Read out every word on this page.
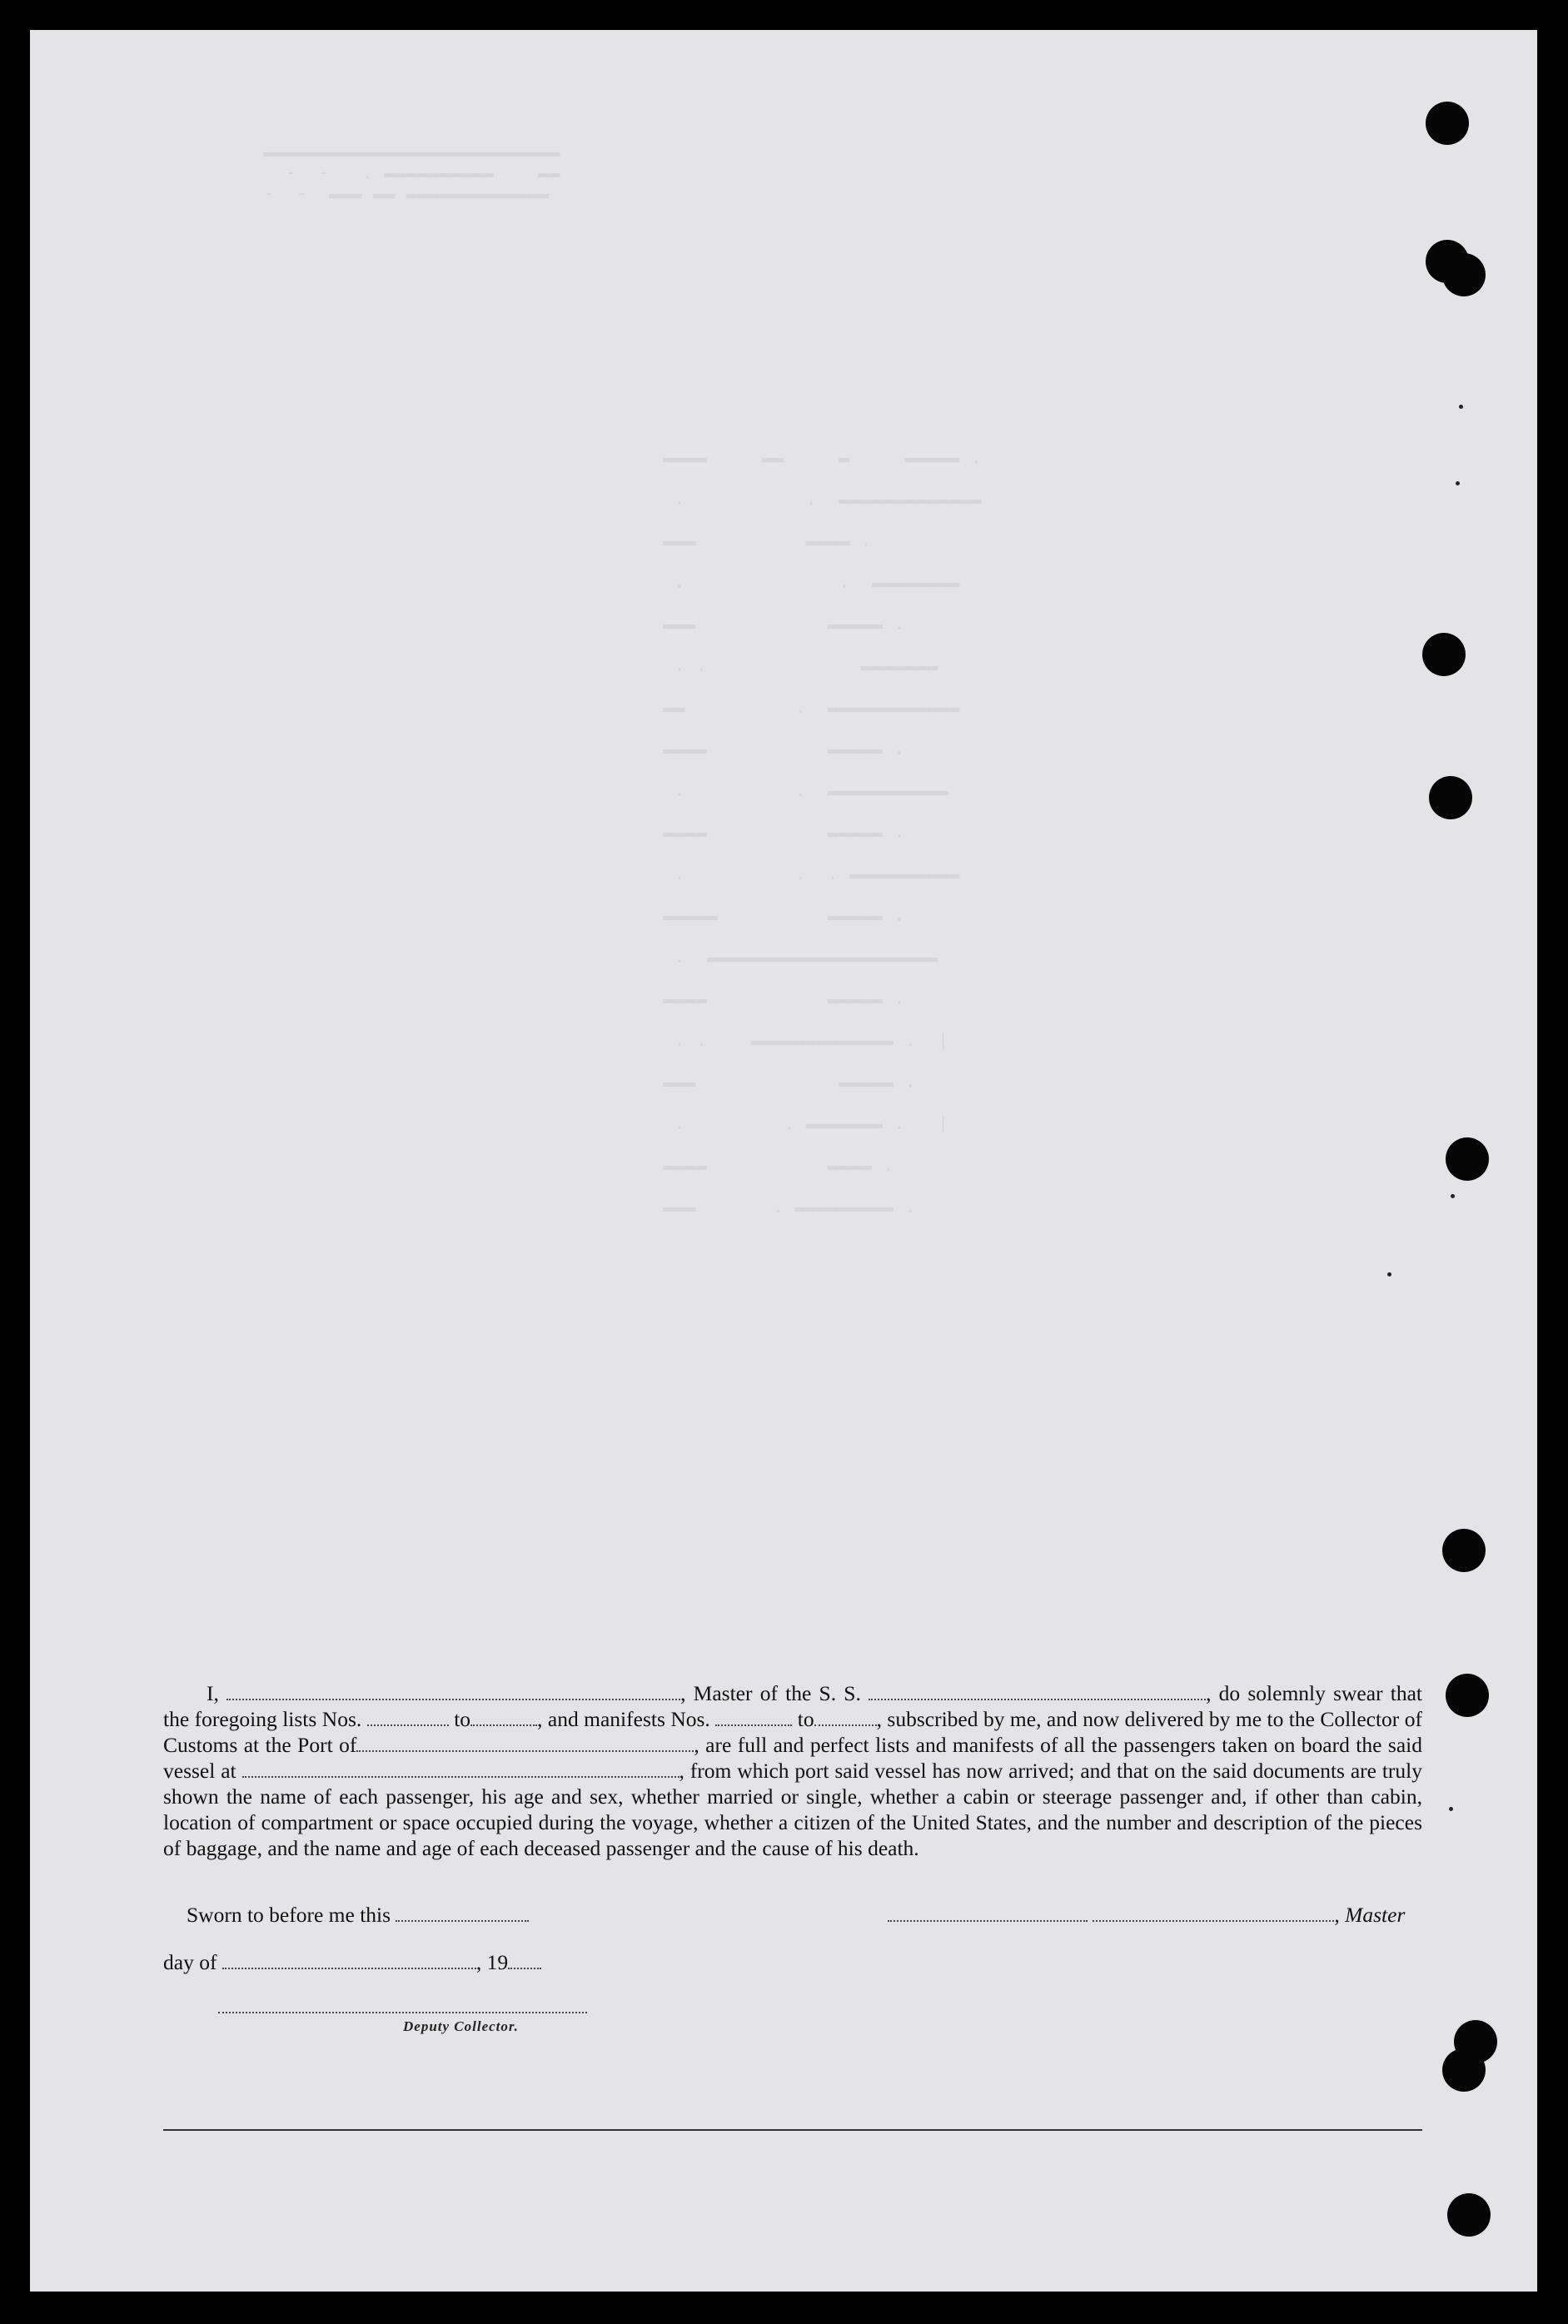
▬▬▬▬▬▬▬▬▬▬▬▬▬▬▬▬▬▬▬▬▬▬▬▬▬▬▬
-  -   . ▬▬▬▬▬▬▬▬▬▬    ▬▬
-  -  ▬▬▬ ▬▬ ▬▬▬▬▬▬▬▬▬▬▬▬▬

▬▬▬▬     ▬▬     ▬     ▬▬▬▬▬ .
.           .  ▬▬▬▬▬▬▬▬▬▬▬▬▬
▬▬▬          ▬▬▬▬ .
.              .  ▬▬▬▬▬▬▬▬
▬▬▬            ▬▬▬▬▬ .
. .              ▬▬▬▬▬▬▬
▬▬          .  ▬▬▬▬▬▬▬▬▬▬▬▬
▬▬▬▬           ▬▬▬▬▬ .
.          .  ▬▬▬▬▬▬▬▬▬▬▬
▬▬▬▬           ▬▬▬▬▬ .
.          .  . ▬▬▬▬▬▬▬▬▬▬
▬▬▬▬▬          ▬▬▬▬▬ .
.  ▬▬▬▬▬▬▬▬▬▬▬▬▬▬▬▬▬▬▬▬▬
▬▬▬▬           ▬▬▬▬▬ .
. .    ▬▬▬▬▬▬▬▬▬▬▬▬▬ .  |
▬▬▬             ▬▬▬▬▬ .
.         . ▬▬▬▬▬▬▬ .   |
▬▬▬▬           ▬▬▬▬ .
▬▬▬       . ▬▬▬▬▬▬▬▬▬ .

I,	, Master of the S. S.	, do solemnly swear that the foregoing lists Nos.	to	, and manifests Nos.	to	, subscribed by me, and now delivered by me to the Collector of Customs at the Port of	, are full and perfect lists and manifests of all the passengers taken on board the said vessel at	, from which port said vessel has now arrived; and that on the said documents are truly shown the name of each passenger, his age and sex, whether married or single, whether a cabin or steerage passenger and, if other than cabin, location of compartment or space occupied during the voyage, whether a citizen of the United States, and the number and description of the pieces of baggage, and the name and age of each deceased passenger and the cause of his death.

Sworn to before me this
day of	, 19
, Master
Deputy Collector.
